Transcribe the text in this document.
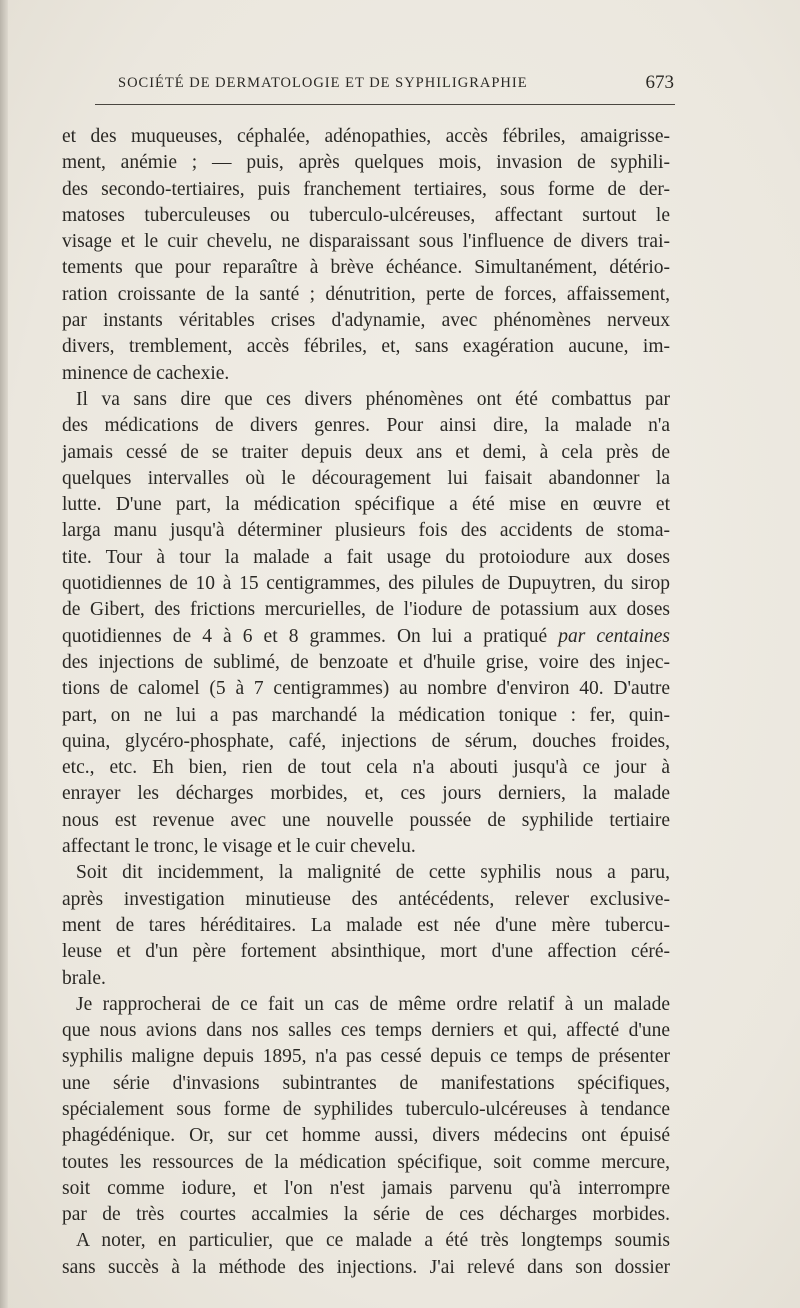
SOCIÉTÉ DE DERMATOLOGIE ET DE SYPHILIGRAPHIE	673
et des muqueuses, céphalée, adénopathies, accès fébriles, amaigrisse-
ment, anémie ; — puis, après quelques mois, invasion de syphili-
des secondo-tertiaires, puis franchement tertiaires, sous forme de der-
matoses tuberculeuses ou tuberculo-ulcéreuses, affectant surtout le
visage et le cuir chevelu, ne disparaissant sous l'influence de divers trai-
tements que pour reparaître à brève échéance. Simultanément, détério-
ration croissante de la santé ; dénutrition, perte de forces, affaissement,
par instants véritables crises d'adynamie, avec phénomènes nerveux
divers, tremblement, accès fébriles, et, sans exagération aucune, im-
minence de cachexie.
Il va sans dire que ces divers phénomènes ont été combattus par
des médications de divers genres. Pour ainsi dire, la malade n'a
jamais cessé de se traiter depuis deux ans et demi, à cela près de
quelques intervalles où le découragement lui faisait abandonner la
lutte. D'une part, la médication spécifique a été mise en œuvre et
larga manu jusqu'à déterminer plusieurs fois des accidents de stoma-
tite. Tour à tour la malade a fait usage du protoiodure aux doses
quotidiennes de 10 à 15 centigrammes, des pilules de Dupuytren, du sirop
de Gibert, des frictions mercurielles, de l'iodure de potassium aux doses
quotidiennes de 4 à 6 et 8 grammes. On lui a pratiqué par centaines
des injections de sublimé, de benzoate et d'huile grise, voire des injec-
tions de calomel (5 à 7 centigrammes) au nombre d'environ 40. D'autre
part, on ne lui a pas marchandé la médication tonique : fer, quin-
quina, glycéro-phosphate, café, injections de sérum, douches froides,
etc., etc. Eh bien, rien de tout cela n'a abouti jusqu'à ce jour à
enrayer les décharges morbides, et, ces jours derniers, la malade
nous est revenue avec une nouvelle poussée de syphilide tertiaire
affectant le tronc, le visage et le cuir chevelu.
Soit dit incidemment, la malignité de cette syphilis nous a paru,
après investigation minutieuse des antécédents, relever exclusive-
ment de tares héréditaires. La malade est née d'une mère tubercu-
leuse et d'un père fortement absinthique, mort d'une affection céré-
brale.
Je rapprocherai de ce fait un cas de même ordre relatif à un malade
que nous avions dans nos salles ces temps derniers et qui, affecté d'une
syphilis maligne depuis 1895, n'a pas cessé depuis ce temps de présenter
une série d'invasions subintrantes de manifestations spécifiques,
spécialement sous forme de syphilides tuberculo-ulcéreuses à tendance
phagédénique. Or, sur cet homme aussi, divers médecins ont épuisé
toutes les ressources de la médication spécifique, soit comme mercure,
soit comme iodure, et l'on n'est jamais parvenu qu'à interrompre
par de très courtes accalmies la série de ces décharges morbides.
A noter, en particulier, que ce malade a été très longtemps soumis
sans succès à la méthode des injections. J'ai relevé dans son dossier
